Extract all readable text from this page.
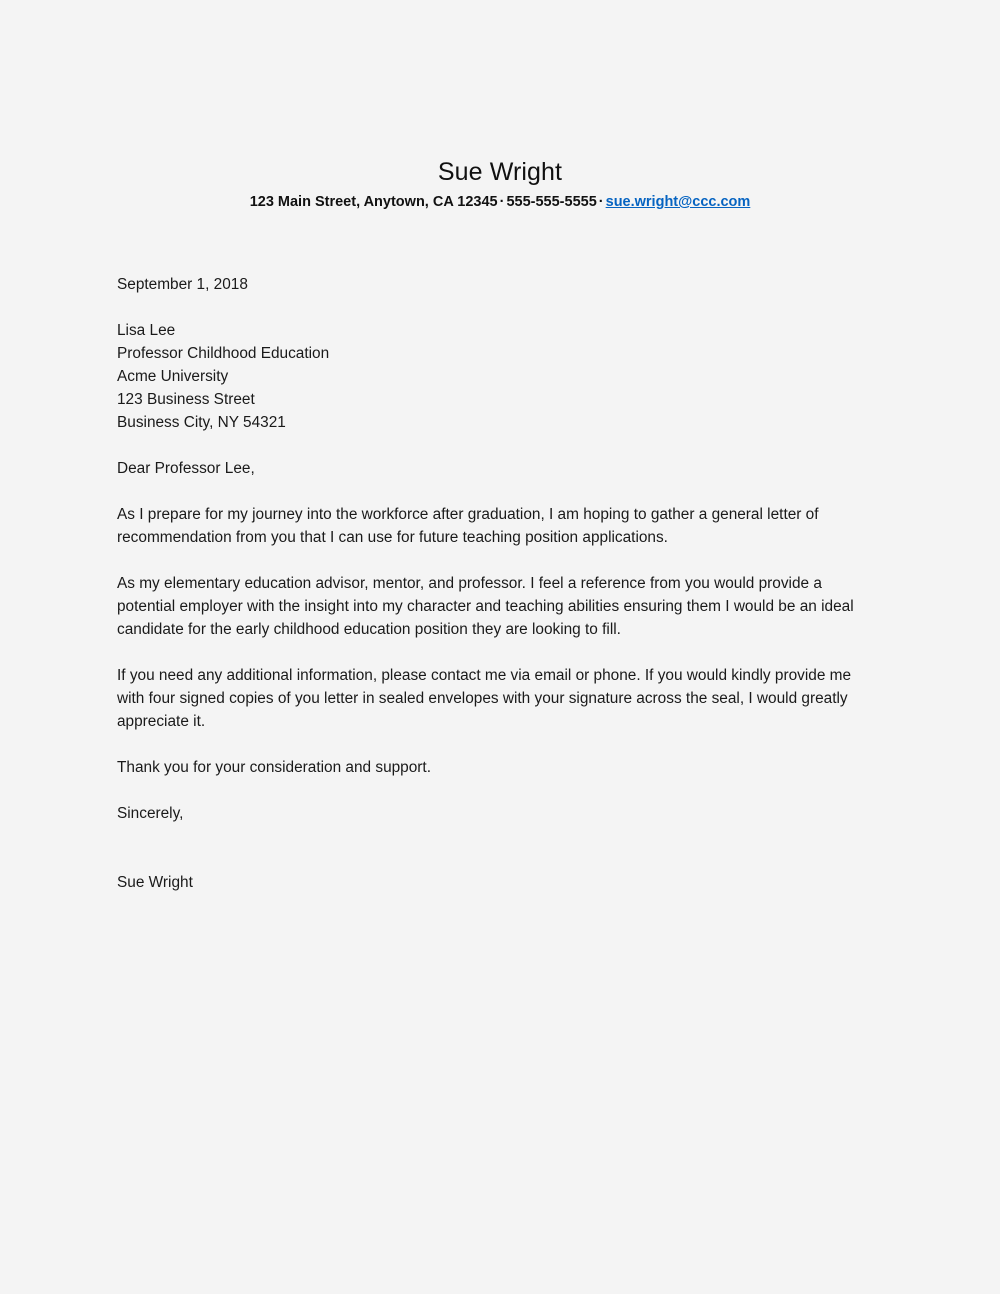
Sue Wright

123 Main Street, Anytown, CA 12345 · 555-555-5555 · sue.wright@ccc.com

September 1, 2018

Lisa Lee
Professor Childhood Education
Acme University
123 Business Street
Business City, NY 54321

Dear Professor Lee,

As I prepare for my journey into the workforce after graduation, I am hoping to gather a general letter of recommendation from you that I can use for future teaching position applications.

As my elementary education advisor, mentor, and professor. I feel a reference from you would provide a potential employer with the insight into my character and teaching abilities ensuring them I would be an ideal candidate for the early childhood education position they are looking to fill.

If you need any additional information, please contact me via email or phone. If you would kindly provide me with four signed copies of you letter in sealed envelopes with your signature across the seal, I would greatly appreciate it.

Thank you for your consideration and support.

Sincerely,

Sue Wright
